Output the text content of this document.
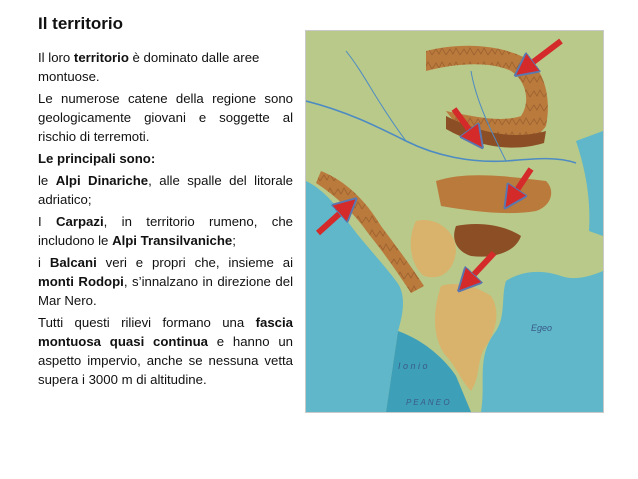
Il territorio

Il loro territorio è dominato dalle aree montuose.

Le numerose catene della regione sono geologicamente giovani e soggette al rischio di terremoti.

Le principali sono:

le Alpi Dinariche, alle spalle del litorale adriatico;

I Carpazi, in territorio rumeno, che includono le Alpi Transilvaniche;

i Balcani veri e propri che, insieme ai monti Rodopi, s’innalzano in direzione del Mar Nero.

Tutti questi rilievi formano una fascia montuosa quasi continua e hanno un aspetto impervio, anche se nessuna vetta supera i 3000 m di altitudine.

I o n i o
Egeo
P E A N E O
